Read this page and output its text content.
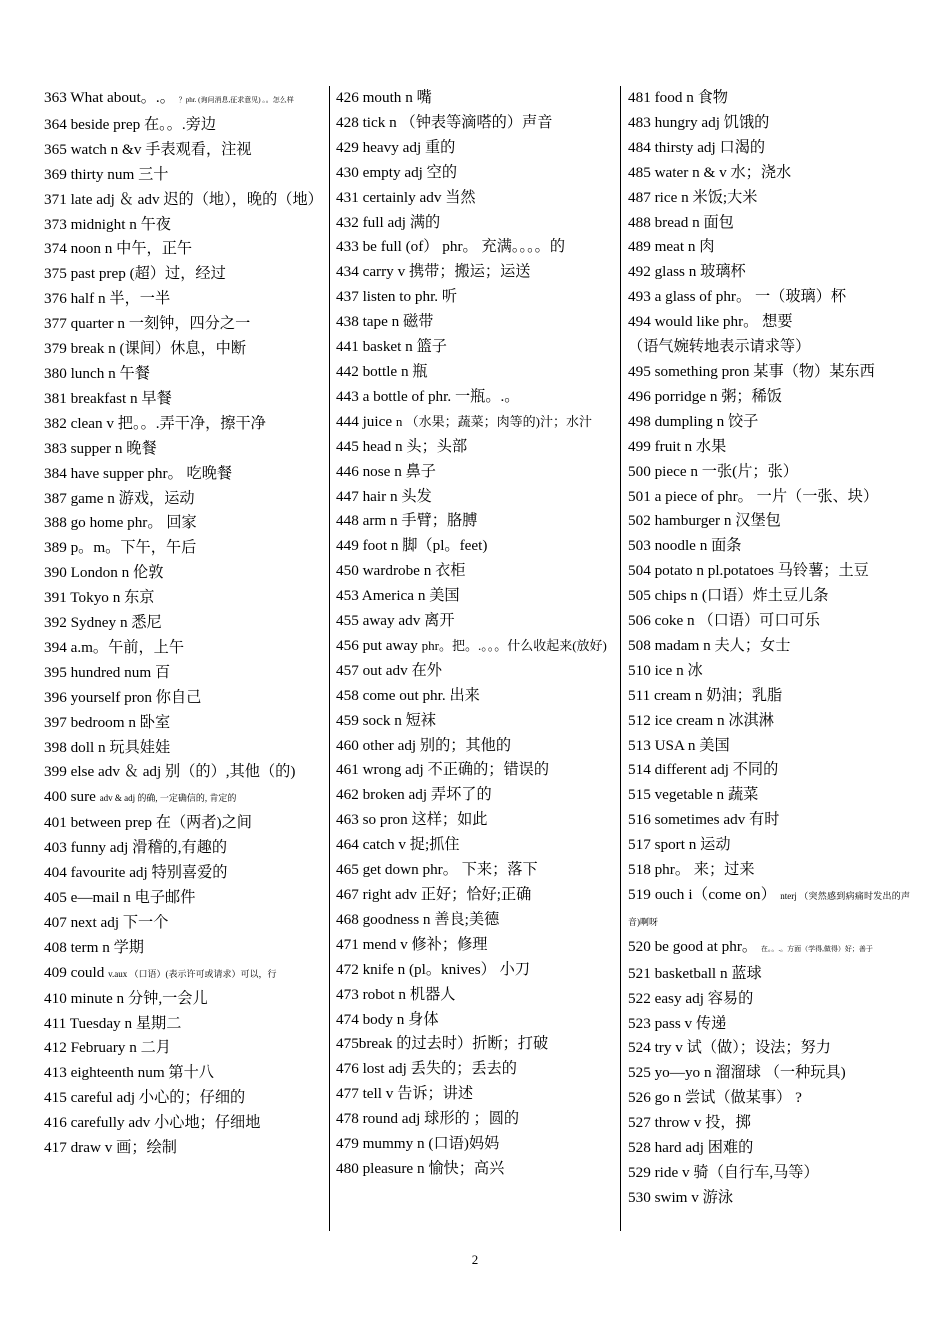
363 What about。.。 ？phr. (询问消息,征求意见) 。。怎么样
364 beside prep 在。。.旁边
365 watch n &v 手表观看，注视
369 thirty num 三十
371 late adj ＆ adv 迟的（地），晚的（地）
373 midnight n 午夜
374 noon n 中午，正午
375 past prep (超）过，经过
376 half n 半，一半
377 quarter n 一刻钟，四分之一
379 break n (课间）休息，中断
380 lunch n 午餐
381 breakfast n 早餐
382 clean v 把。。.弄干净，擦干净
383 supper n 晚餐
384 have supper phr。 吃晚餐
387 game n 游戏，运动
388 go home phr。 回家
389 p。m。下午，午后
390 London n 伦敦
391 Tokyo n 东京
392 Sydney n 悉尼
394 a.m。午前，上午
395 hundred num 百
396 yourself pron 你自己
397 bedroom n 卧室
398 doll n 玩具娃娃
399 else adv ＆ adj 别（的）,其他（的)
400 sure adv & adj 的确, 一定确信的, 肯定的
401 between prep 在（两者)之间
403 funny adj 滑稽的,有趣的
404 favourite adj 特别喜爱的
405 e—mail n 电子邮件
407 next adj 下一个
408 term n 学期
409 could v.aux （口语）(表示许可或请求）可以，行
410 minute n 分钟,一会儿
411 Tuesday n 星期二
412 February n 二月
413 eighteenth num 第十八
415 careful adj 小心的；仔细的
416 carefully adv 小心地；仔细地
417 draw v 画；绘制
426 mouth n 嘴
428 tick n （钟表等滴嗒的）声音
429 heavy adj 重的
430 empty adj 空的
431 certainly adv 当然
432 full adj 满的
433 be full (of） phr。 充满。。。。的
434 carry v 携带；搬运；运送
437 listen to phr. 听
438 tape n 磁带
441 basket n 篮子
442 bottle n 瓶
443 a bottle of phr. 一瓶。.。
444 juice n （水果；蔬菜；肉等的)汁；水汁
445 head n 头；头部
446 nose n 鼻子
447 hair n 头发
448 arm n 手臂；胳膊
449 foot n 脚（pl。feet)
450 wardrobe n 衣柜
453 America n 美国
455 away adv 离开
456 put away phr。把。.。。。什么收起来(放好)
457 out adv 在外
458 come out phr. 出来
459 sock n 短袜
460 other adj 别的；其他的
461 wrong adj 不正确的；错误的
462 broken adj 弄坏了的
463 so pron 这样；如此
464 catch v 捉;抓住
465 get down phr。 下来；落下
467 right adv 正好；恰好;正确
468 goodness n 善良;美德
471 mend v 修补；修理
472 knife n (pl。knives） 小刀
473 robot n 机器人
474 body n 身体
475break 的过去时）折断；打破
476 lost adj 丢失的；丢去的
477 tell v 告诉；讲述
478 round adj 球形的 ；圆的
479 mummy n (口语)妈妈
480 pleasure n 愉快；高兴
481 food n 食物
483 hungry adj 饥饿的
484 thirsty adj 口渴的
485 water n & v 水；浇水
487 rice n 米饭;大米
488 bread n 面包
489 meat n 肉
492 glass n 玻璃杯
493 a glass of phr。 一（玻璃）杯
494 would like phr。 想要
（语气婉转地表示请求等）
495 something pron 某事（物）某东西
496 porridge n 粥；稀饭
498 dumpling n 饺子
499 fruit n 水果
500 piece n 一张(片；张）
501 a piece of phr。 一片（一张、块）
502 hamburger n 汉堡包
503 noodle n 面条
504 potato n pl.potatoes 马铃薯；土豆
505 chips n (口语）炸土豆儿条
506 coke n （口语）可口可乐
508 madam n 夫人；女士
510 ice n 冰
511 cream n 奶油；乳脂
512 ice cream n 冰淇淋
513 USA n 美国
514 different adj 不同的
515 vegetable n 蔬菜
516 sometimes adv 有时
517 sport n 运动
518 phr。 来；过来
519 ouch i（come on） nterj （突然感到病痛时发出的声音)啊呀
520 be good at phr。 在。。.。方面（学得,做得）好；善于
521 basketball n 蓝球
522 easy adj 容易的
523 pass v 传递
524 try v 试（做）；设法；努力
525 yo—yo n 溜溜球 （一种玩具)
526 go n 尝试（做某事） ?
527 throw v 投，掷
528 hard adj 困难的
529 ride v 骑（自行车,马等）
530 swim v 游泳
2
